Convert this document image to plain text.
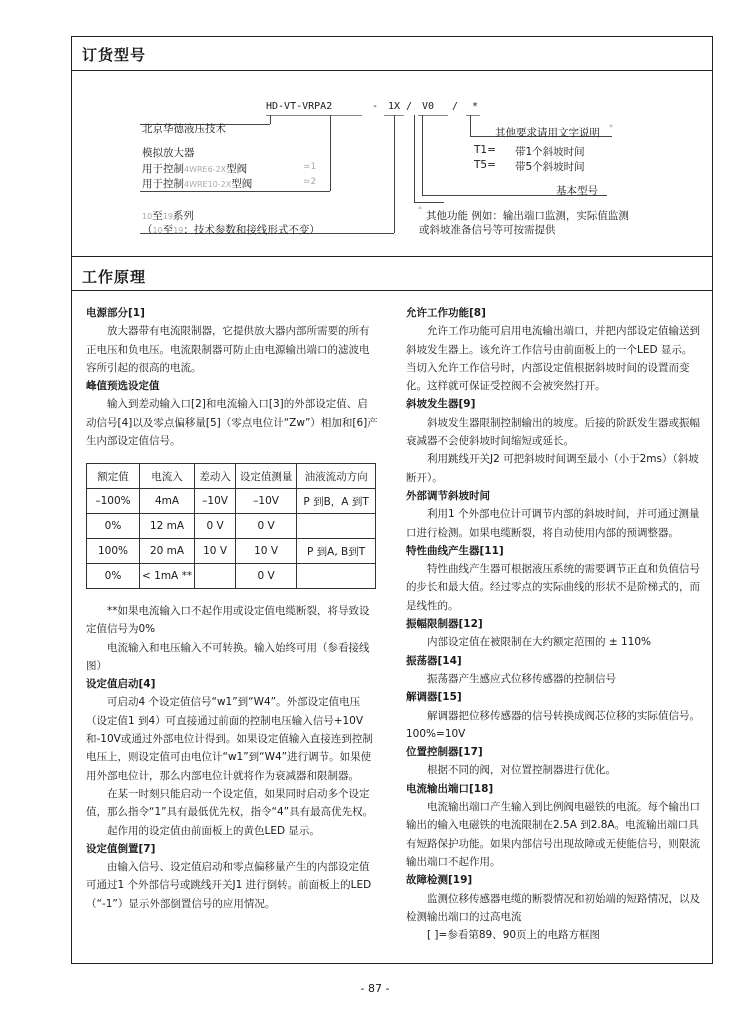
订货型号
HD-VT-VRPA2	- 1X / V0 / *
北京华德液压技术
模拟放大器
用于控制4WRE6-2X型阀	=1
用于控制4WRE10-2X型阀	=2
10至19系列
（10至19：技术参数和接线形式不变）
其他要求请用文字说明 *
T1= 带1个斜坡时间
T5= 带5个斜坡时间
基本型号
*
其他功能 例如：输出端口监测，实际值监测
或斜坡准备信号等可按需提供
工作原理

电源部分[1]

放大器带有电流限制器，它提供放大器内部所需要的所有正电压和负电压。电流限制器可防止由电源输出端口的滤波电容所引起的很高的电流。

峰值预选设定值

输入到差动输入口[2]和电流输入口[3]的外部设定值、启动信号[4]以及零点偏移量[5]（零点电位计“Zw”）相加和[6]产生内部设定值信号。

额定值	电流入	差动入	设定值测量	油液流动方向
–100%	4mA	–10V	–10V	P 到B，A 到T
0%	12 mA	0 V	0 V	
100%	20 mA	10 V	10 V	P 到A, B到T
0%	< 1mA **		0 V	

**如果电流输入口不起作用或设定值电缆断裂，将导致设定值信号为0%

电流输入和电压输入不可转换。输入始终可用（参看接线图）

设定值启动[4]

可启动4 个设定值信号“w1”到“W4”。外部设定值电压（设定值1 到4）可直接通过前面的控制电压输入信号+10V 和-10V或通过外部电位计得到。如果设定值输入直接连到控制电压上，则设定值可由电位计“w1”到“W4”进行调节。如果使用外部电位计，那么内部电位计就将作为衰减器和限制器。

在某一时刻只能启动一个设定值，如果同时启动多个设定值，那么指令“1”具有最低优先权，指令“4”具有最高优先权。

起作用的设定值由前面板上的黄色LED 显示。

设定值倒置[7]

由输入信号、设定值启动和零点偏移量产生的内部设定值可通过1 个外部信号或跳线开关J1 进行倒转。前面板上的LED（“-1”）显示外部倒置信号的应用情况。

允许工作功能[8]

允许工作功能可启用电流输出端口，并把内部设定值输送到斜坡发生器上。该允许工作信号由前面板上的一个LED 显示。当切入允许工作信号时，内部设定值根据斜坡时间的设置而变化。这样就可保证受控阀不会被突然打开。

斜坡发生器[9]

斜坡发生器限制控制输出的坡度。后接的阶跃发生器或振幅衰减器不会使斜坡时间缩短或延长。

利用跳线开关J2 可把斜坡时间调至最小（小于2ms）（斜坡断开）。

外部调节斜坡时间

利用1 个外部电位计可调节内部的斜坡时间，并可通过测量口进行检测。如果电缆断裂，将自动使用内部的预调整器。

特性曲线产生器[11]

特性曲线产生器可根据液压系统的需要调节正直和负值信号的步长和最大值。经过零点的实际曲线的形状不是阶梯式的，而是线性的。

振幅限制器[12]

内部设定值在被限制在大约额定范围的 ± 110%

振荡器[14]

振荡器产生感应式位移传感器的控制信号

解调器[15]

解调器把位移传感器的信号转换成阀芯位移的实际值信号。100%=10V

位置控制器[17]

根据不同的阀，对位置控制器进行优化。

电流输出端口[18]

电流输出端口产生输入到比例阀电磁铁的电流。每个输出口输出的输入电磁铁的电流限制在2.5A 到2.8A。电流输出端口具有短路保护功能。如果内部信号出现故障或无使能信号，则限流输出端口不起作用。

故障检测[19]

监测位移传感器电缆的断裂情况和初始端的短路情况，以及检测输出端口的过高电流

[ ]=参看第89、90页上的电路方框图

- 87 -
